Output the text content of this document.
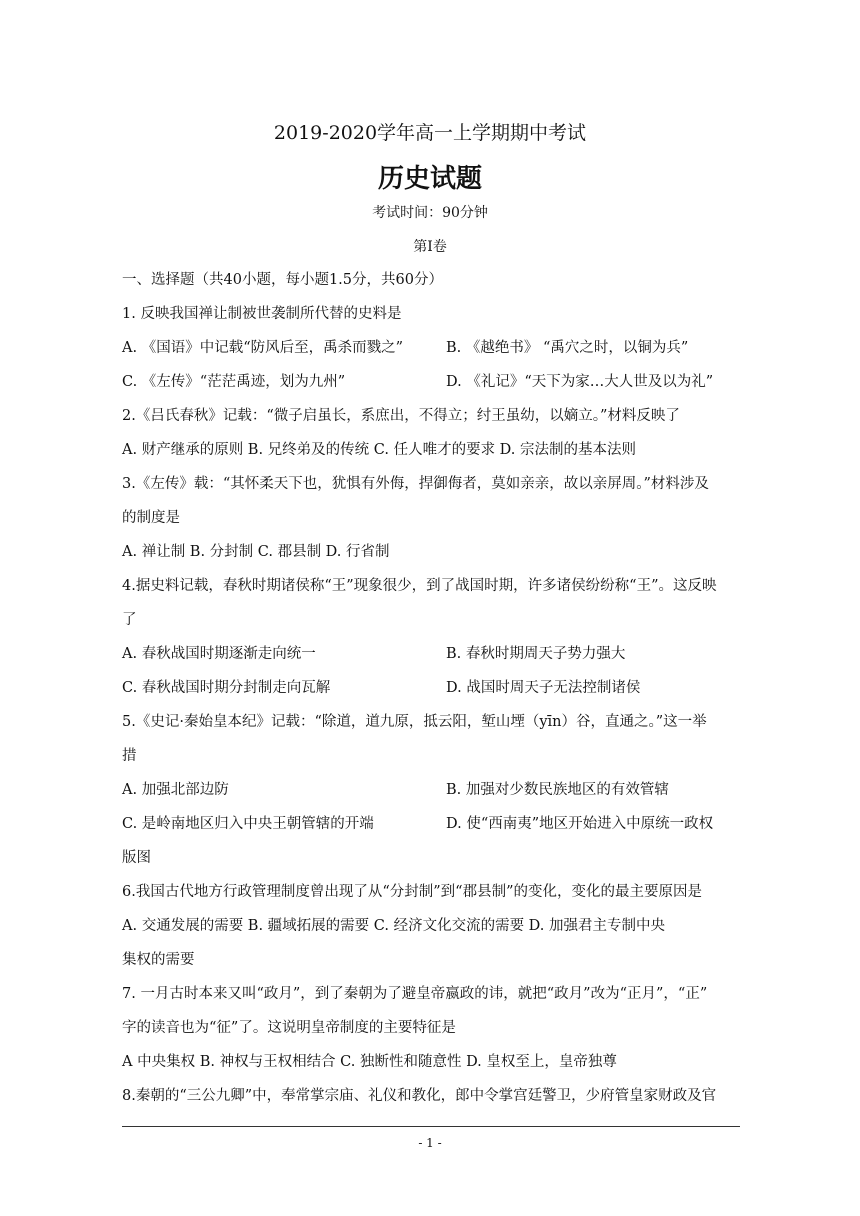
2019-2020学年高一上学期期中考试
历史试题
考试时间：90分钟
第I卷
一、选择题（共40小题，每小题1.5分，共60分）
1. 反映我国禅让制被世袭制所代替的史料是
A. 《国语》中记载“防风后至，禹杀而戮之”	B. 《越绝书》 “禹穴之时，以铜为兵”
C. 《左传》“茫茫禹迹，划为九州”	D. 《礼记》“天下为家…大人世及以为礼”
2.《吕氏春秋》记载：“微子启虽长，系庶出，不得立；纣王虽幼，以嫡立。”材料反映了
A. 财产继承的原则 B. 兄终弟及的传统 C. 任人唯才的要求 D. 宗法制的基本法则
3.《左传》载：“其怀柔天下也，犹惧有外侮，捍御侮者，莫如亲亲，故以亲屏周。”材料涉及
的制度是
A. 禅让制 B. 分封制 C. 郡县制 D. 行省制
4.据史料记载，春秋时期诸侯称“王”现象很少，到了战国时期，许多诸侯纷纷称“王”。这反映
了
A. 春秋战国时期逐渐走向统一	B. 春秋时期周天子势力强大
C. 春秋战国时期分封制走向瓦解	D. 战国时周天子无法控制诸侯
5.《史记·秦始皇本纪》记载：“除道，道九原，抵云阳，堑山堙（yīn）谷，直通之。”这一举
措
A. 加强北部边防	B. 加强对少数民族地区的有效管辖
C. 是岭南地区归入中央王朝管辖的开端	D. 使“西南夷”地区开始进入中原统一政权
版图
6.我国古代地方行政管理制度曾出现了从“分封制”到“郡县制”的变化，变化的最主要原因是
A. 交通发展的需要 B. 疆域拓展的需要 C. 经济文化交流的需要 D. 加强君主专制中央
集权的需要
7. 一月古时本来又叫“政月”，到了秦朝为了避皇帝嬴政的讳，就把“政月”改为“正月”，“正”
字的读音也为“征”了。这说明皇帝制度的主要特征是
A 中央集权 B. 神权与王权相结合 C. 独断性和随意性 D. 皇权至上，皇帝独尊
8.秦朝的“三公九卿”中，奉常掌宗庙、礼仪和教化，郎中令掌宫廷警卫，少府管皇家财政及官
- 1 -
